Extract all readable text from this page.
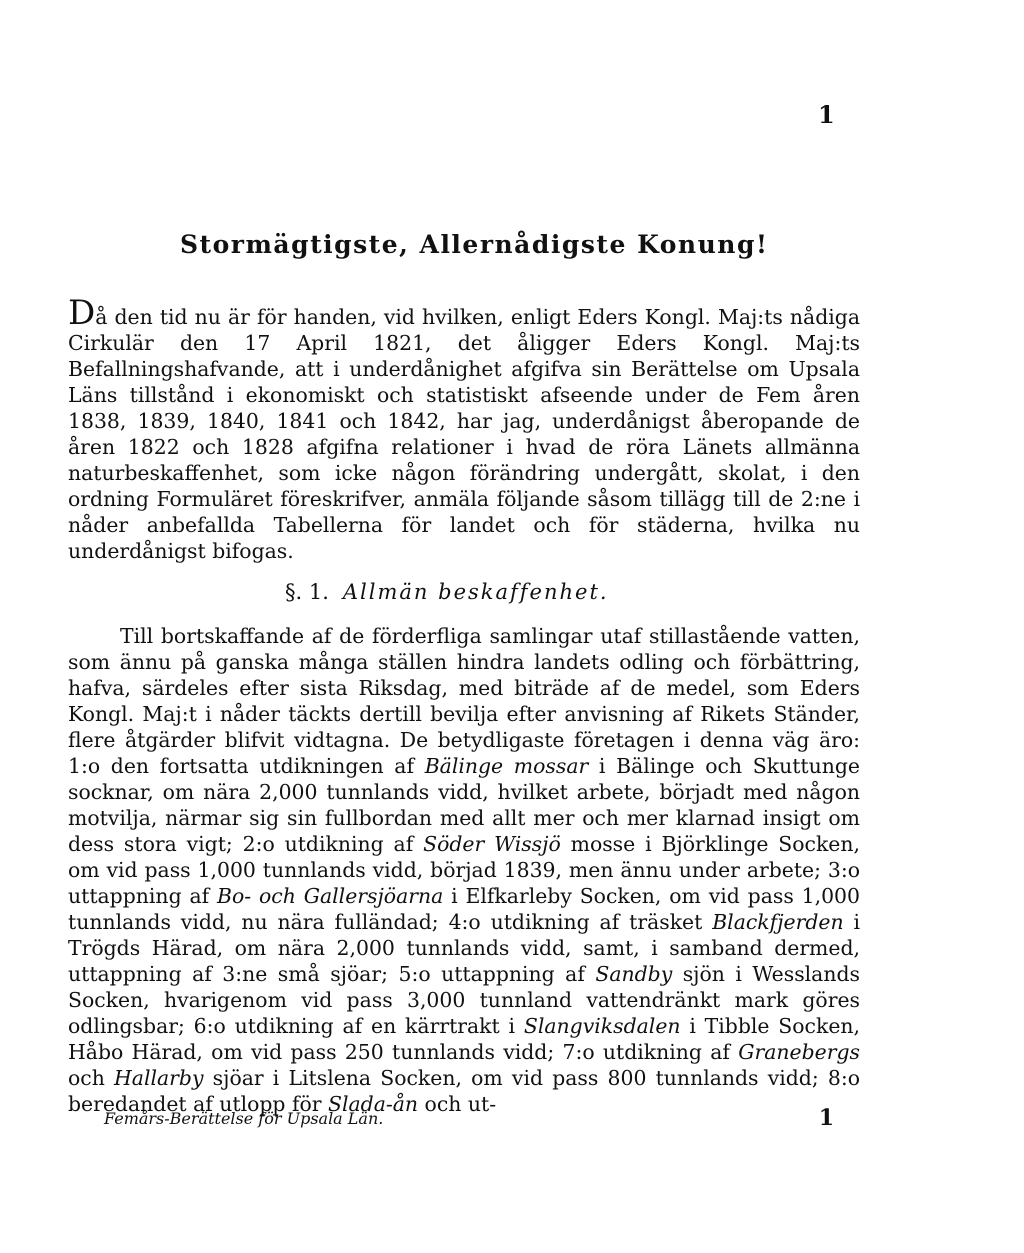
1
Stormägtigste, Allernådigste Konung!
Då den tid nu är för handen, vid hvilken, enligt Eders Kongl. Maj:ts nådiga Cirkulär den 17 April 1821, det åligger Eders Kongl. Maj:ts Befallningshafvande, att i underdånighet afgifva sin Berättelse om Upsala Läns tillstånd i ekonomiskt och statistiskt afseende under de Fem åren 1838, 1839, 1840, 1841 och 1842, har jag, underdånigst åberopande de åren 1822 och 1828 afgifna relationer i hvad de röra Länets allmänna naturbeskaffenhet, som icke någon förändring undergått, skolat, i den ordning Formuläret föreskrifver, anmäla följande såsom tillägg till de 2:ne i nåder anbefallda Tabellerna för landet och för städerna, hvilka nu underdånigst bifogas.
§. 1. Allmän beskaffenhet.
Till bortskaffande af de förderfliga samlingar utaf stillastående vatten, som ännu på ganska många ställen hindra landets odling och förbättring, hafva, särdeles efter sista Riksdag, med biträde af de medel, som Eders Kongl. Maj:t i nåder täckts dertill bevilja efter anvisning af Rikets Ständer, flere åtgärder blifvit vidtagna. De betydligaste företagen i denna väg äro: 1:o den fortsatta utdikningen af Bälinge mossar i Bälinge och Skuttunge socknar, om nära 2,000 tunnlands vidd, hvilket arbete, börjadt med någon motvilja, närmar sig sin fullbordan med allt mer och mer klarnad insigt om dess stora vigt; 2:o utdikning af Söder Wissjö mosse i Björklinge Socken, om vid pass 1,000 tunnlands vidd, börjad 1839, men ännu under arbete; 3:o uttappning af Bo- och Gallersjöarna i Elfkarleby Socken, om vid pass 1,000 tunnlands vidd, nu nära fulländad; 4:o utdikning af träsket Blackfjerden i Trögds Härad, om nära 2,000 tunnlands vidd, samt, i samband dermed, uttappning af 3:ne små sjöar; 5:o uttappning af Sandby sjön i Wesslands Socken, hvarigenom vid pass 3,000 tunnland vattendränkt mark göres odlingsbar; 6:o utdikning af en kärrtrakt i Slangviksdalen i Tibble Socken, Håbo Härad, om vid pass 250 tunnlands vidd; 7:o utdikning af Granebergs och Hallarby sjöar i Litslena Socken, om vid pass 800 tunnlands vidd; 8:o beredandet af utlopp för Slada-ån och ut-
Femårs-Berättelse för Upsala Län.	1
